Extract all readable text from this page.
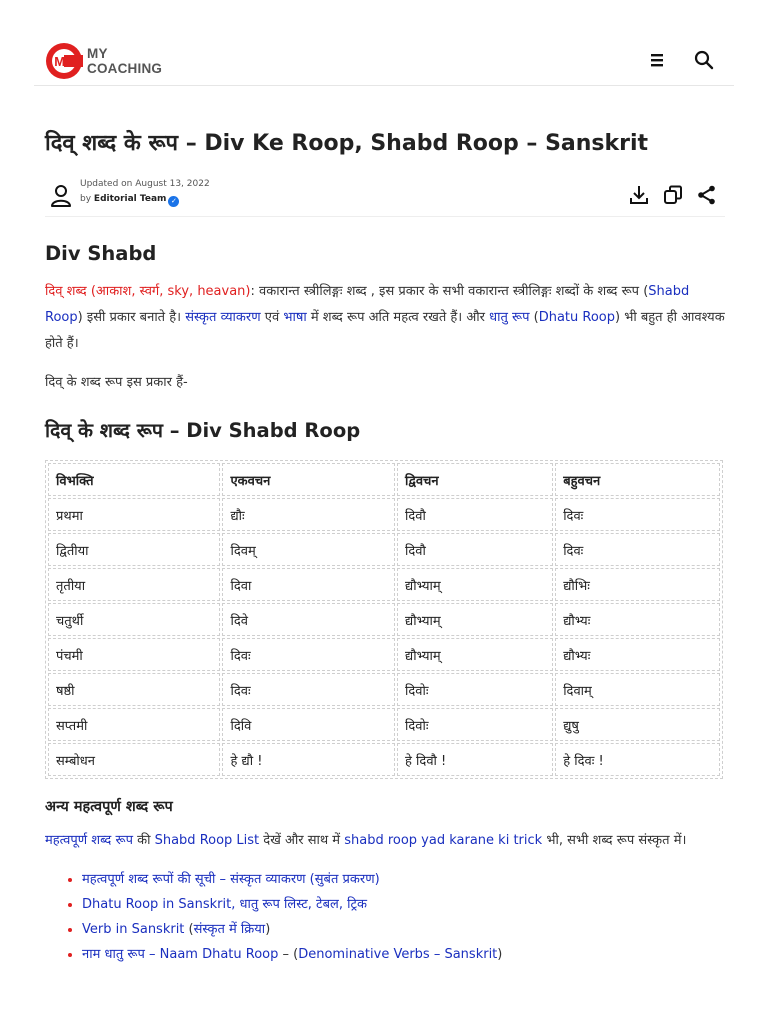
MY
MY
COACHING
दिव् शब्द के रूप – Div Ke Roop, Shabd Roop – Sanskrit
Updated on August 13, 2022
by Editorial Team ✓
Div Shabd

दिव् शब्द (आकाश, स्वर्ग, sky, heavan): वकारान्त स्त्रीलिङ्गः शब्द , इस प्रकार के सभी वकारान्त स्त्रीलिङ्गः शब्दों के शब्द रूप (Shabd Roop) इसी प्रकार बनाते है। संस्कृत व्याकरण एवं भाषा में शब्द रूप अति महत्व रखते हैं। और धातु रूप (Dhatu Roop) भी बहुत ही आवश्यक होते हैं।

दिव् के शब्द रूप इस प्रकार हैं-

दिव् के शब्द रूप – Div Shabd Roop
विभक्ति	एकवचन	द्विवचन	बहुवचन
प्रथमा	द्यौः	दिवौ	दिवः
द्वितीया	दिवम्	दिवौ	दिवः
तृतीया	दिवा	द्यौभ्याम्	द्यौभिः
चतुर्थी	दिवे	द्यौभ्याम्	द्यौभ्यः
पंचमी	दिवः	द्यौभ्याम्	द्यौभ्यः
षष्ठी	दिवः	दिवोः	दिवाम्
सप्तमी	दिवि	दिवोः	द्युषु
सम्बोधन	हे द्यौ !	हे दिवौ !	हे दिवः !
अन्य महत्वपूर्ण शब्द रूप

महत्वपूर्ण शब्द रूप की Shabd Roop List देखें और साथ में shabd roop yad karane ki trick भी, सभी शब्द रूप संस्कृत में।

• महत्वपूर्ण शब्द रूपों की सूची – संस्कृत व्याकरण (सुबंत प्रकरण)
• Dhatu Roop in Sanskrit, धातु रूप लिस्ट, टेबल, ट्रिक
• Verb in Sanskrit (संस्कृत में क्रिया)
• नाम धातु रूप – Naam Dhatu Roop – (Denominative Verbs – Sanskrit)
